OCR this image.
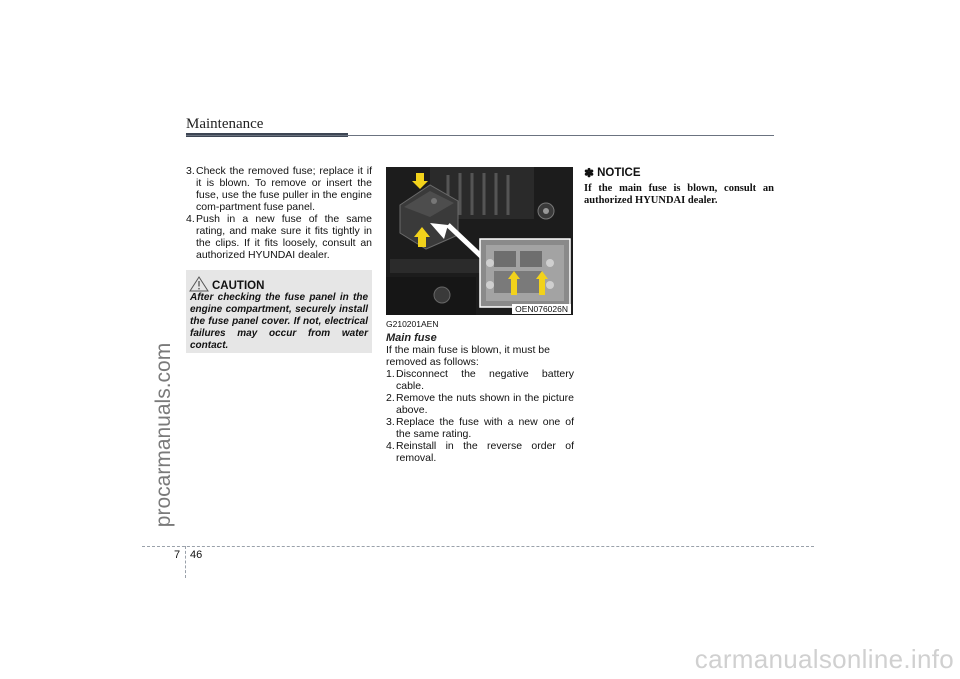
Maintenance
procarmanuals.com
3. Check the removed fuse; replace it if it is blown. To remove or insert the fuse, use the fuse puller in the engine com-partment fuse panel.
4. Push in a new fuse of the same rating, and make sure it fits tightly in the clips. If it fits loosely, consult an authorized HYUNDAI dealer.
CAUTION
After checking the fuse panel in the engine compartment, securely install the fuse panel cover. If not, electrical failures may occur from water contact.
OEN076026N
G210201AEN
Main fuse
If the main fuse is blown, it must be removed as follows:
1. Disconnect the negative battery cable.
2. Remove the nuts shown in the picture above.
3. Replace the fuse with a new one of the same rating.
4. Reinstall in the reverse order of removal.
✽ NOTICE
If the main fuse is blown, consult an authorized HYUNDAI dealer.
7 46
carmanualsonline.info
